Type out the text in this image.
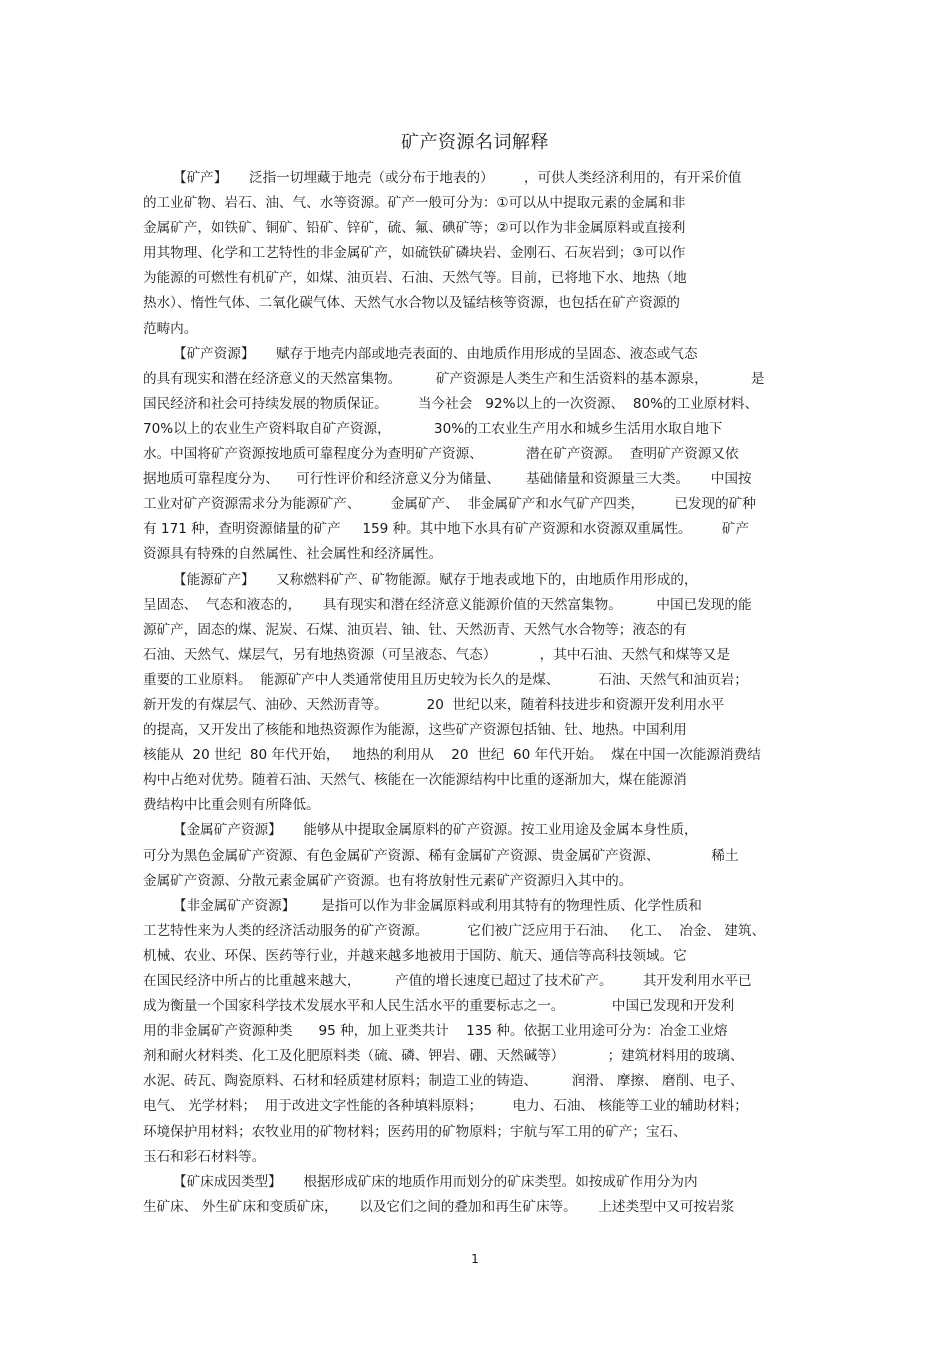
矿产资源名词解释
【矿产】     泛指一切埋藏于地壳（或分布于地表的）       ，可供人类经济利用的，有开采价值
的工业矿物、岩石、油、气、水等资源。矿产一般可分为：①可以从中提取元素的金属和非
金属矿产，如铁矿、铜矿、铅矿、锌矿，硫、氟、碘矿等；②可以作为非金属原料或直接利
用其物理、化学和工艺特性的非金属矿产，如硫铁矿磷块岩、金刚石、石灰岩到；③可以作
为能源的可燃性有机矿产，如煤、油页岩、石油、天然气等。目前，已将地下水、地热（地
热水）、惰性气体、二氧化碳气体、天然气水合物以及锰结核等资源，也包括在矿产资源的
范畴内。
【矿产资源】     赋存于地壳内部或地壳表面的、由地质作用形成的呈固态、液态或气态
的具有现实和潜在经济意义的天然富集物。        矿产资源是人类生产和生活资料的基本源泉，          是
国民经济和社会可持续发展的物质保证。       当今社会   92%以上的一次资源、  80%的工业原材料、
70%以上的农业生产资料取自矿产资源，          30%的工农业生产用水和城乡生活用水取自地下
水。中国将矿产资源按地质可靠程度分为查明矿产资源、          潜在矿产资源。  查明矿产资源又依
据地质可靠程度分为、    可行性评价和经济意义分为储量、      基础储量和资源量三大类。     中国按
工业对矿产资源需求分为能源矿产、       金属矿产、  非金属矿产和水气矿产四类，       已发现的矿种
有 171 种，查明资源储量的矿产     159 种。其中地下水具有矿产资源和水资源双重属性。       矿产
资源具有特殊的自然属性、社会属性和经济属性。
【能源矿产】     又称燃料矿产、矿物能源。赋存于地表或地下的，由地质作用形成的，
呈固态、  气态和液态的，     具有现实和潜在经济意义能源价值的天然富集物。        中国已发现的能
源矿产，固态的煤、泥炭、石煤、油页岩、铀、钍、天然沥青、天然气水合物等；液态的有
石油、天然气、煤层气，另有地热资源（可呈液态、气态）          ，其中石油、天然气和煤等又是
重要的工业原料。  能源矿产中人类通常使用且历史较为长久的是煤、         石油、天然气和油页岩；
新开发的有煤层气、油砂、天然沥青等。         20  世纪以来，随着科技进步和资源开发利用水平
的提高，又开发出了核能和地热资源作为能源，这些矿产资源包括铀、钍、地热。中国利用
核能从  20 世纪  80 年代开始，   地热的利用从    20  世纪  60 年代开始。  煤在中国一次能源消费结
构中占绝对优势。随着石油、天然气、核能在一次能源结构中比重的逐渐加大，煤在能源消
费结构中比重会则有所降低。
【金属矿产资源】     能够从中提取金属原料的矿产资源。按工业用途及金属本身性质，
可分为黑色金属矿产资源、有色金属矿产资源、稀有金属矿产资源、贵金属矿产资源、            稀土
金属矿产资源、分散元素金属矿产资源。也有将放射性元素矿产资源归入其中的。
【非金属矿产资源】      是指可以作为非金属原料或利用其特有的物理性质、化学性质和
工艺特性来为人类的经济活动服务的矿产资源。         它们被广泛应用于石油、   化工、  冶金、 建筑、
机械、农业、环保、医药等行业，并越来越多地被用于国防、航天、通信等高科技领域。它
在国民经济中所占的比重越来越大，        产值的增长速度已超过了技术矿产。       其开发利用水平已
成为衡量一个国家科学技术发展水平和人民生活水平的重要标志之一。           中国已发现和开发利
用的非金属矿产资源种类      95 种，加上亚类共计    135 种。依据工业用途可分为：冶金工业熔
剂和耐火材料类、化工及化肥原料类（硫、磷、钾岩、硼、天然碱等）          ；建筑材料用的玻璃、
水泥、砖瓦、陶瓷原料、石材和轻质建材原料；制造工业的铸造、        润滑、 摩擦、 磨削、电子、
电气、 光学材料；  用于改进文字性能的各种填料原料；       电力、石油、 核能等工业的辅助材料；
环境保护用材料；农牧业用的矿物材料；医药用的矿物原料；宇航与军工用的矿产；宝石、
玉石和彩石材料等。
【矿床成因类型】     根据形成矿床的地质作用而划分的矿床类型。如按成矿作用分为内
生矿床、 外生矿床和变质矿床，     以及它们之间的叠加和再生矿床等。     上述类型中又可按岩浆
1
